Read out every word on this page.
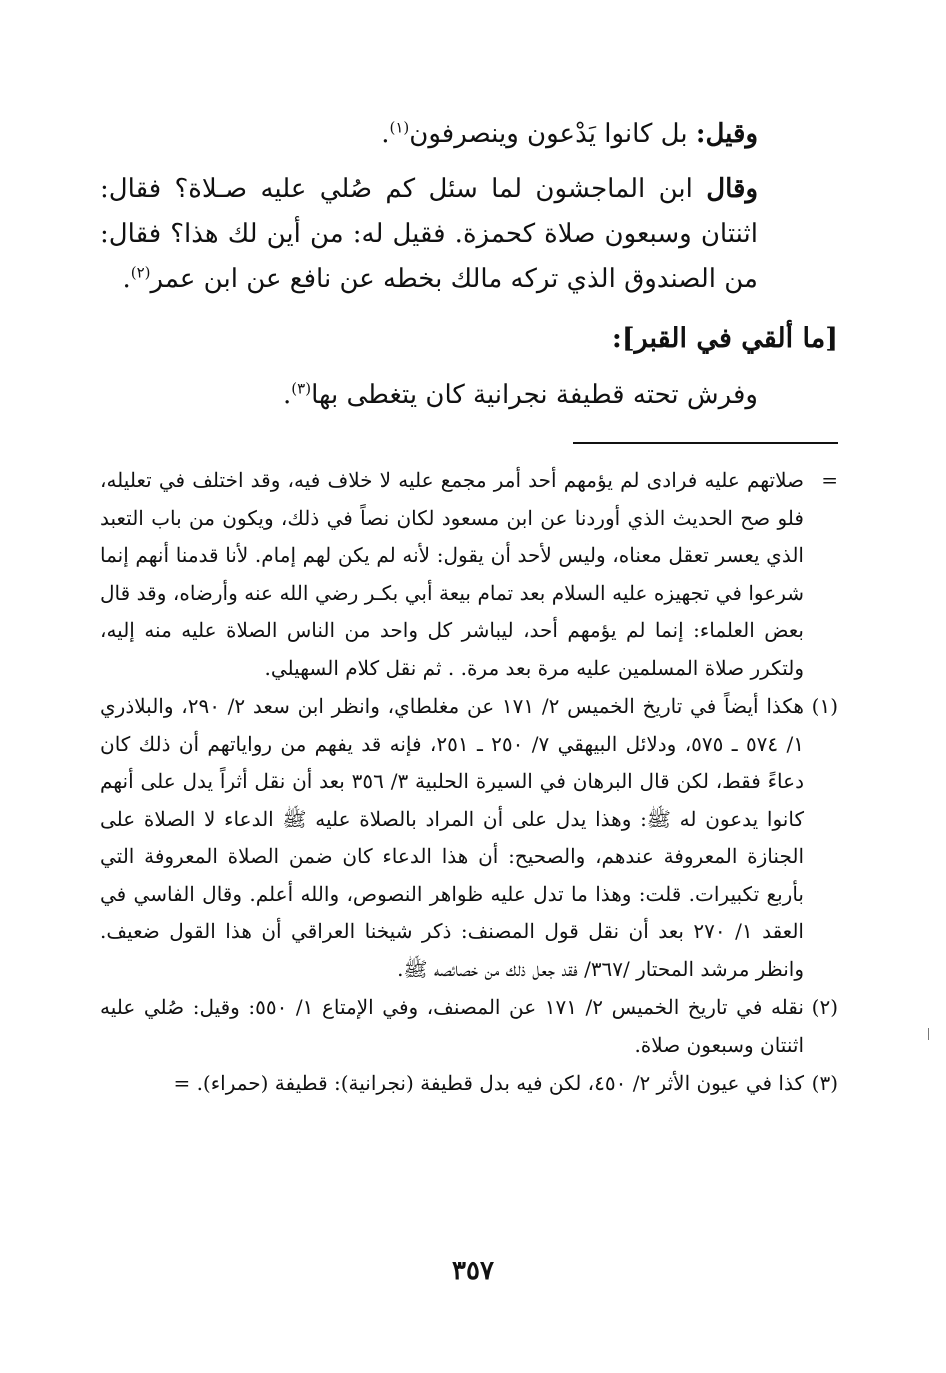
وقيل: بل كانوا يَدْعون وينصرفون$^{(١)}$.

وقال ابن الماجشون لما سئل كم صُلي عليه صـلاة؟ فقال: اثنتان وسبعون صلاة كحمزة. فقيل له: من أين لك هذا؟ فقال: من الصندوق الذي تركه مالك بخطه عن نافع عن ابن عمر$^{(٢)}$.

[ما ألقي في القبر]:

وفرش تحته قطيفة نجرانية كان يتغطى بها$^{(٣)}$.

=
صلاتهم عليه فرادى لم يؤمهم أحد أمر مجمع عليه لا خلاف فيه، وقد اختلف في تعليله، فلو صح الحديث الذي أوردنا عن ابن مسعود لكان نصاً في ذلك، ويكون من باب التعبد الذي يعسر تعقل معناه، وليس لأحد أن يقول: لأنه لم يكن لهم إمام. لأنا قدمنا أنهم إنما شرعوا في تجهيزه عليه السلام بعد تمام بيعة أبي بكـر رضي الله عنه وأرضاه، وقد قال بعض العلماء: إنما لم يؤمهم أحد، ليباشر كل واحد من الناس الصلاة عليه منه إليه، ولتكرر صلاة المسلمين عليه مرة بعد مرة. . ثم نقل كلام السهيلي.
(١)
هكذا أيضاً في تاريخ الخميس ٢/ ١٧١ عن مغلطاي، وانظر ابن سعد ٢/ ٢٩٠، والبلاذري ١/ ٥٧٤ ـ ٥٧٥، ودلائل البيهقي ٧/ ٢٥٠ ـ ٢٥١، فإنه قد يفهم من رواياتهم أن ذلك كان دعاءً فقط، لكن قال البرهان في السيرة الحلبية ٣/ ٣٥٦ بعد أن نقل أثراً يدل على أنهم كانوا يدعون له ﷺ: وهذا يدل على أن المراد بالصلاة عليه ﷺ الدعاء لا الصلاة على الجنازة المعروفة عندهم، والصحيح: أن هذا الدعاء كان ضمن الصلاة المعروفة التي بأربع تكبيرات. قلت: وهذا ما تدل عليه ظواهر النصوص، والله أعلم. وقال الفاسي في العقد ١/ ٢٧٠ بعد أن نقل قول المصنف: ذكر شيخنا العراقي أن هذا القول ضعيف. وانظر مرشد المحتار /٣٦٧/ فقد جعل ذلك من خصائصه ﷺ.
(٢)
نقله في تاريخ الخميس ٢/ ١٧١ عن المصنف، وفي الإمتاع ١/ ٥٥٠: وقيل: صُلي عليه اثنتان وسبعون صلاة.
(٣)
كذا في عيون الأثر ٢/ ٤٥٠، لكن فيه بدل قطيفة (نجرانية): قطيفة (حمراء). =
٣٥٧
